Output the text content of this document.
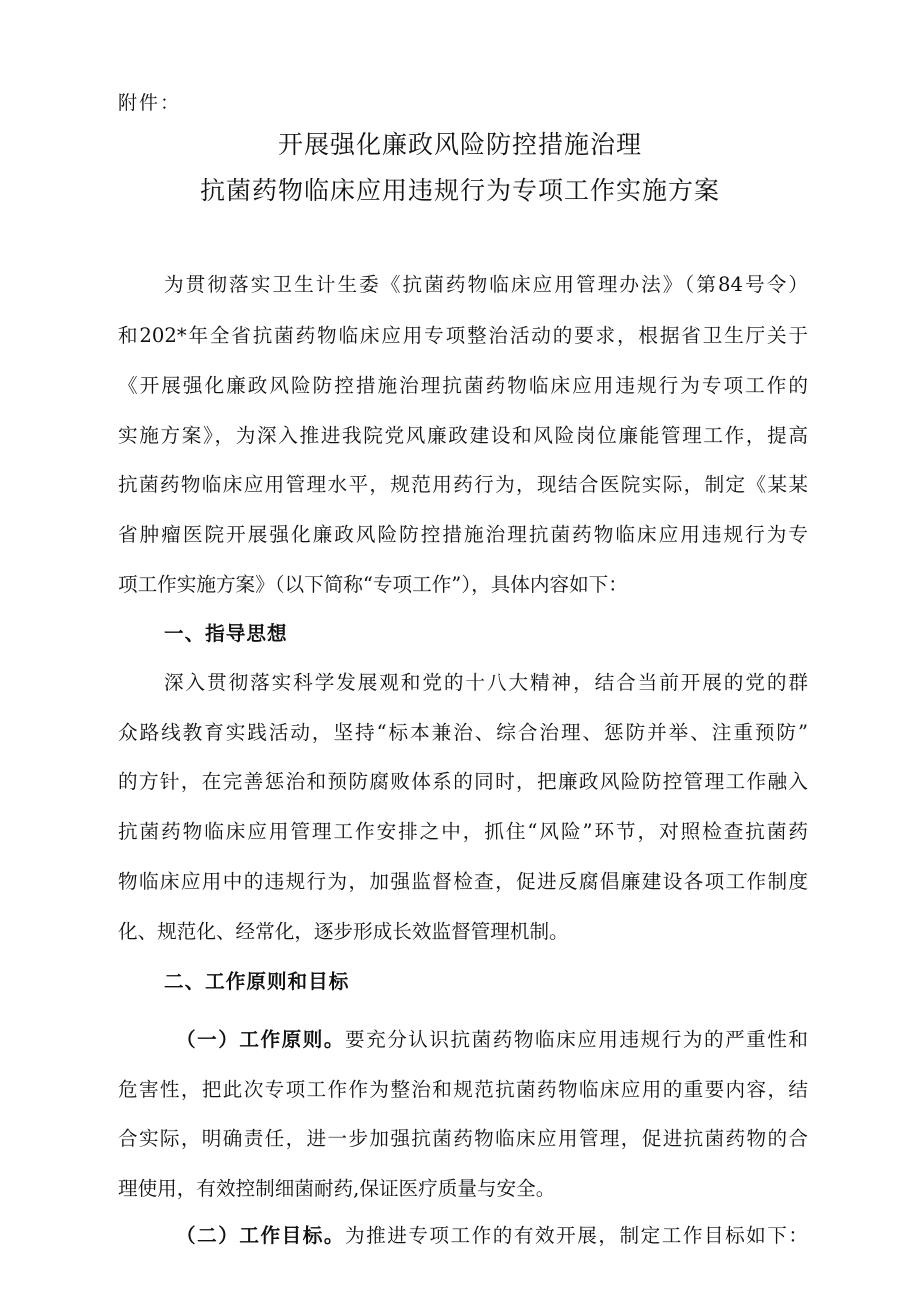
附件：
开展强化廉政风险防控措施治理
抗菌药物临床应用违规行为专项工作实施方案
为贯彻落实卫生计生委《抗菌药物临床应用管理办法》（第84号令）
和202*年全省抗菌药物临床应用专项整治活动的要求，根据省卫生厅关于
《开展强化廉政风险防控措施治理抗菌药物临床应用违规行为专项工作的
实施方案》，为深入推进我院党风廉政建设和风险岗位廉能管理工作，提高
抗菌药物临床应用管理水平，规范用药行为，现结合医院实际，制定《某某
省肿瘤医院开展强化廉政风险防控措施治理抗菌药物临床应用违规行为专
项工作实施方案》（以下简称“专项工作”），具体内容如下：
一、指导思想
深入贯彻落实科学发展观和党的十八大精神，结合当前开展的党的群
众路线教育实践活动，坚持“标本兼治、综合治理、惩防并举、注重预防”
的方针，在完善惩治和预防腐败体系的同时，把廉政风险防控管理工作融入
抗菌药物临床应用管理工作安排之中，抓住“风险”环节，对照检查抗菌药
物临床应用中的违规行为，加强监督检查，促进反腐倡廉建设各项工作制度
化、规范化、经常化，逐步形成长效监督管理机制。
二、工作原则和目标
（一）工作原则。要充分认识抗菌药物临床应用违规行为的严重性和
危害性，把此次专项工作作为整治和规范抗菌药物临床应用的重要内容，结
合实际，明确责任，进一步加强抗菌药物临床应用管理，促进抗菌药物的合
理使用，有效控制细菌耐药,保证医疗质量与安全。
（二）工作目标。为推进专项工作的有效开展，制定工作目标如下：
